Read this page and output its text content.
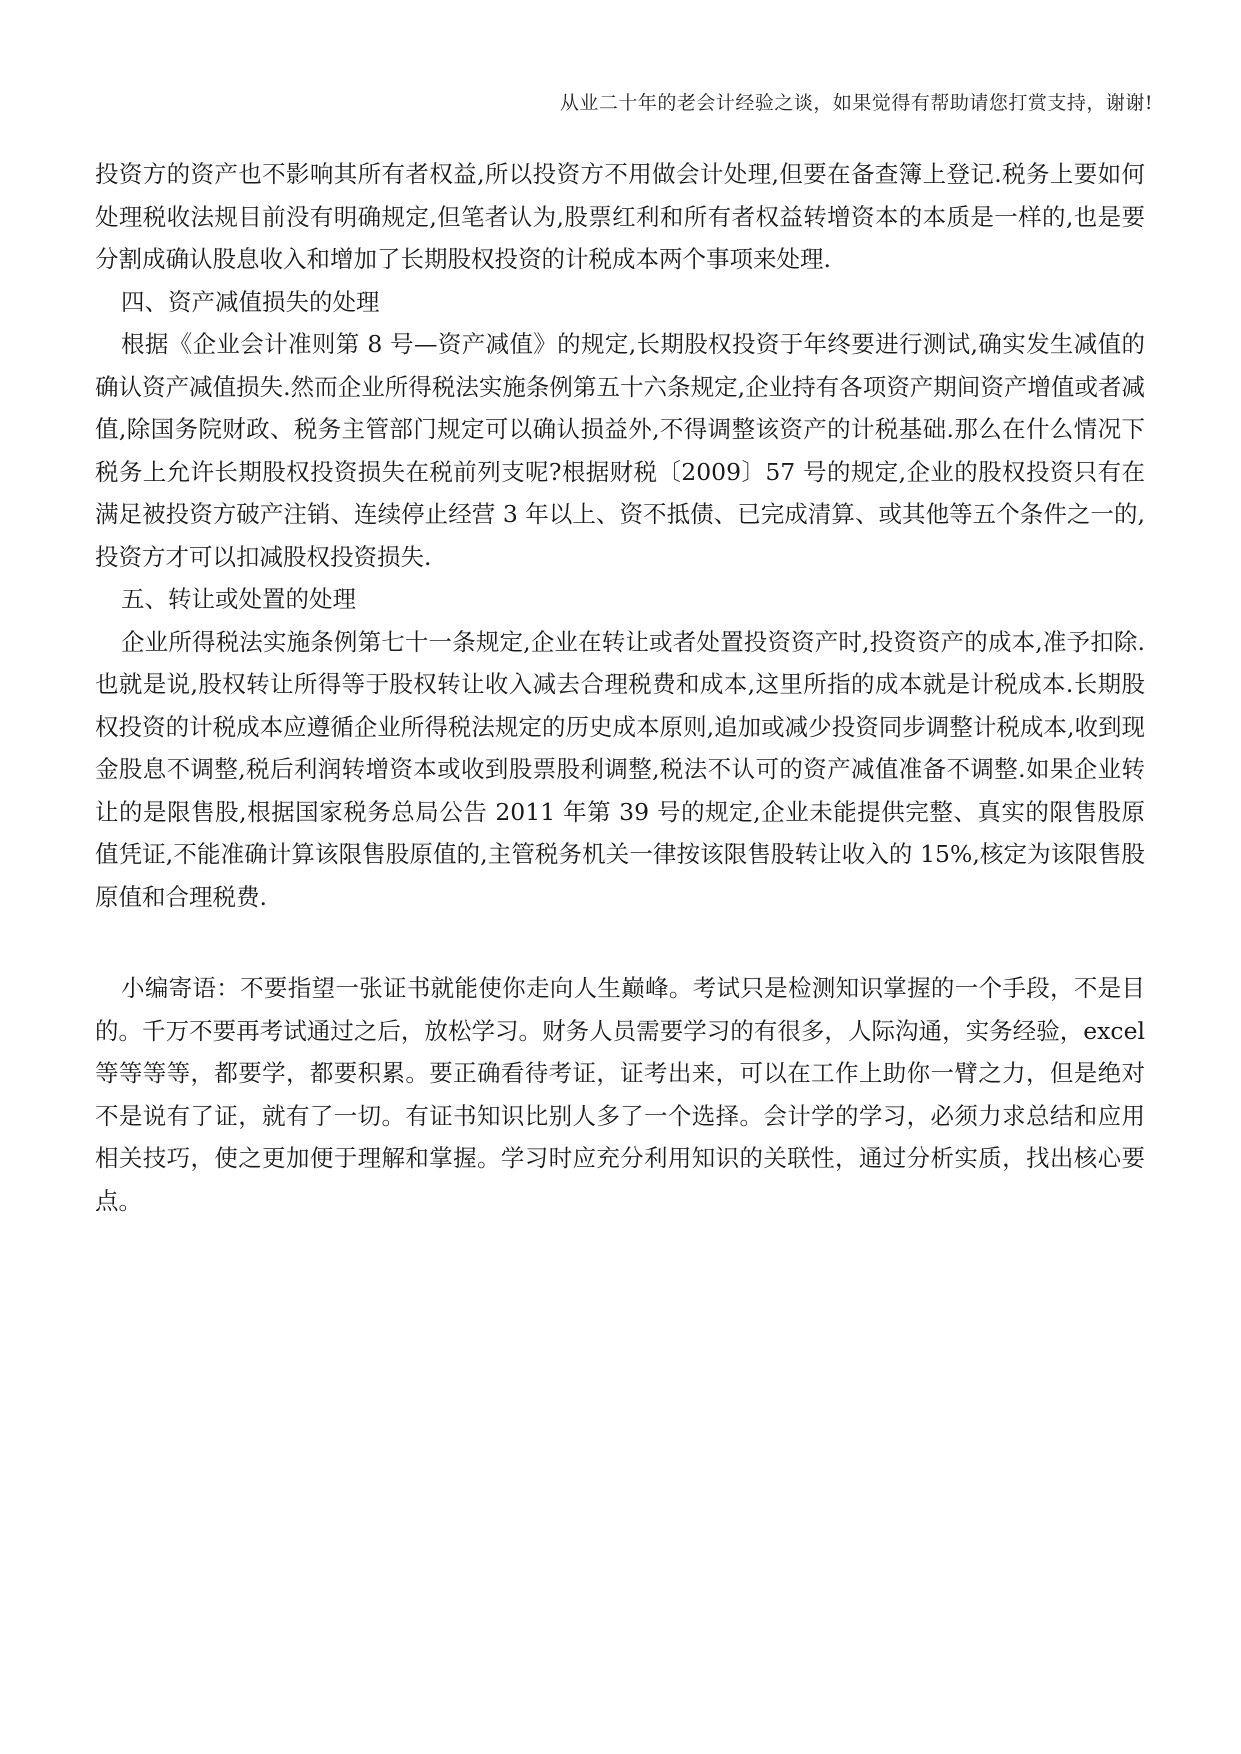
从业二十年的老会计经验之谈，如果觉得有帮助请您打赏支持，谢谢!

投资方的资产也不影响其所有者权益,所以投资方不用做会计处理,但要在备查簿上登记.税务上要如何处理税收法规目前没有明确规定,但笔者认为,股票红利和所有者权益转增资本的本质是一样的,也是要分割成确认股息收入和增加了长期股权投资的计税成本两个事项来处理.

四、资产减值损失的处理

根据《企业会计准则第 8 号—资产减值》的规定,长期股权投资于年终要进行测试,确实发生减值的确认资产减值损失.然而企业所得税法实施条例第五十六条规定,企业持有各项资产期间资产增值或者减值,除国务院财政、税务主管部门规定可以确认损益外,不得调整该资产的计税基础.那么在什么情况下税务上允许长期股权投资损失在税前列支呢?根据财税〔2009〕57 号的规定,企业的股权投资只有在满足被投资方破产注销、连续停止经营 3 年以上、资不抵债、已完成清算、或其他等五个条件之一的,投资方才可以扣减股权投资损失.

五、转让或处置的处理

企业所得税法实施条例第七十一条规定,企业在转让或者处置投资资产时,投资资产的成本,准予扣除.也就是说,股权转让所得等于股权转让收入减去合理税费和成本,这里所指的成本就是计税成本.长期股权投资的计税成本应遵循企业所得税法规定的历史成本原则,追加或减少投资同步调整计税成本,收到现金股息不调整,税后利润转增资本或收到股票股利调整,税法不认可的资产减值准备不调整.如果企业转让的是限售股,根据国家税务总局公告 2011 年第 39 号的规定,企业未能提供完整、真实的限售股原值凭证,不能准确计算该限售股原值的,主管税务机关一律按该限售股转让收入的 15%,核定为该限售股原值和合理税费.

小编寄语：不要指望一张证书就能使你走向人生巅峰。考试只是检测知识掌握的一个手段，不是目的。千万不要再考试通过之后，放松学习。财务人员需要学习的有很多，人际沟通，实务经验，excel 等等等等，都要学，都要积累。要正确看待考证，证考出来，可以在工作上助你一臂之力，但是绝对不是说有了证，就有了一切。有证书知识比别人多了一个选择。会计学的学习，必须力求总结和应用相关技巧，使之更加便于理解和掌握。学习时应充分利用知识的关联性，通过分析实质，找出核心要点。
